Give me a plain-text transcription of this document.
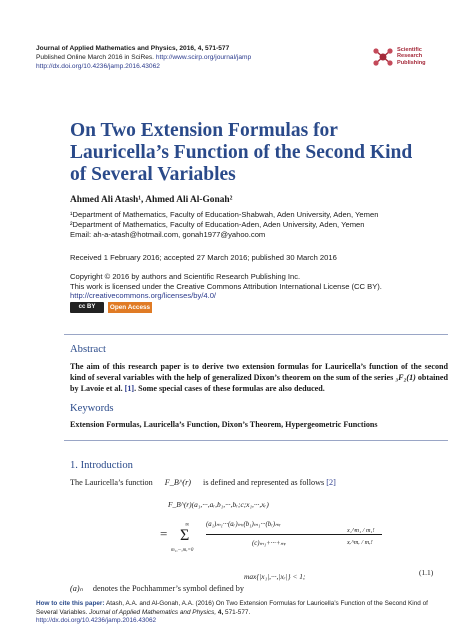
Journal of Applied Mathematics and Physics, 2016, 4, 571-577
Published Online March 2016 in SciRes. http://www.scirp.org/journal/jamp
http://dx.doi.org/10.4236/jamp.2016.43062
Scientific
Research
Publishing
On Two Extension Formulas for Lauricella’s Function of the Second Kind of Several Variables
Ahmed Ali Atash¹, Ahmed Ali Al-Gonah²
¹Department of Mathematics, Faculty of Education-Shabwah, Aden University, Aden, Yemen
²Department of Mathematics, Faculty of Education-Aden, Aden University, Aden, Yemen
Email: ah-a-atash@hotmail.com, gonah1977@yahoo.com
Received 1 February 2016; accepted 27 March 2016; published 30 March 2016
Copyright © 2016 by authors and Scientific Research Publishing Inc.
This work is licensed under the Creative Commons Attribution International License (CC BY).
http://creativecommons.org/licenses/by/4.0/
cc BY	Open Access
Abstract
The aim of this research paper is to derive two extension formulas for Lauricella’s function of the second kind of several variables with the help of generalized Dixon’s theorem on the sum of the series ₃F₂(1) obtained by Lavoie et al. [1]. Some special cases of these formulas are also deduced.
Keywords
Extension Formulas, Lauricella’s Function, Dixon’s Theorem, Hypergeometric Functions
1. Introduction
The Lauricella’s function F_B^(r) is defined and represented as follows [2]
F_B^(r)(a₁,···,aᵣ,b₁,···,bᵣ;c;x₁,···,xᵣ)
∞
= Σ
m₁,···,mᵣ=0
(a₁)ₘ₁···(aᵣ)ₘᵣ(b₁)ₘ₁···(bᵣ)ₘᵣ
(c)ₘ₁+···+ₘᵣ
x₁^m₁ / m₁!
xᵣ^mᵣ / mᵣ!
max{|x₁|,···,|xᵣ|} < 1;	(1.1)
(a)ₙ denotes the Pochhammer’s symbol defined by
How to cite this paper: Atash, A.A. and Al-Gonah, A.A. (2016) On Two Extension Formulas for Lauricella’s Function of the Second Kind of Several Variables. Journal of Applied Mathematics and Physics, 4, 571-577.
http://dx.doi.org/10.4236/jamp.2016.43062
